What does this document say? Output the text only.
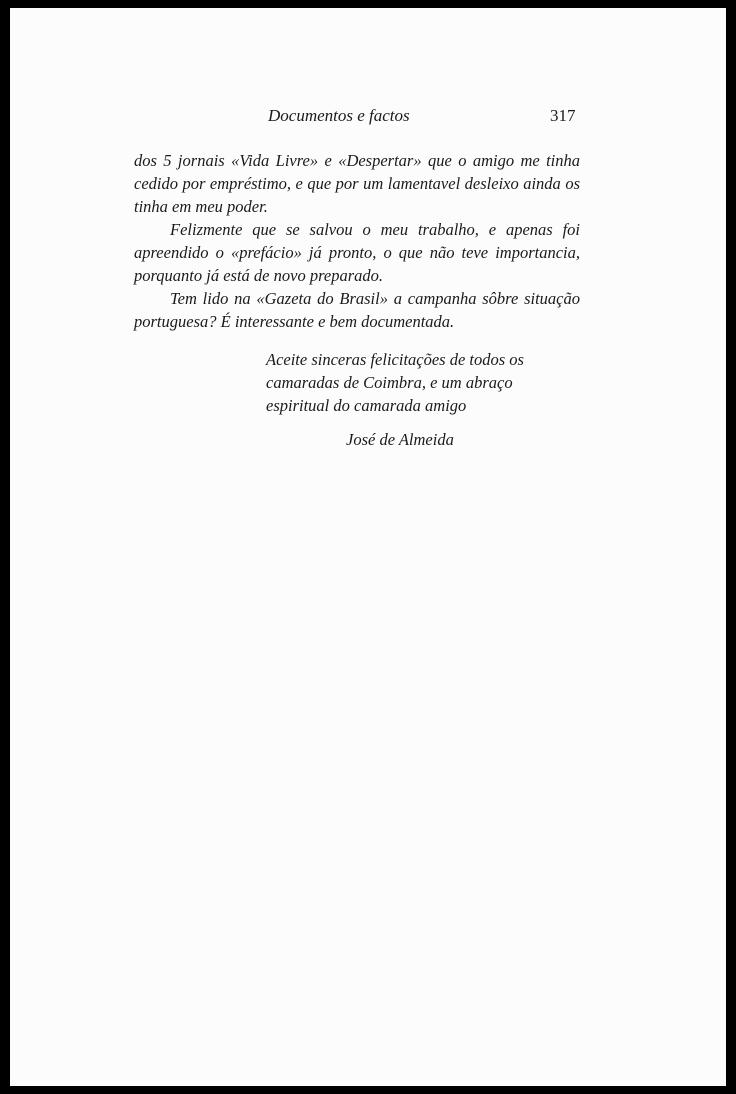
Documentos e factos	317

dos 5 jornais «Vida Livre» e «Despertar» que o amigo me tinha cedido por empréstimo, e que por um lamentavel desleixo ainda os tinha em meu poder.

Felizmente que se salvou o meu trabalho, e apenas foi apreendido o «prefácio» já pronto, o que não teve importancia, porquanto já está de novo preparado.

Tem lido na «Gazeta do Brasil» a campanha sôbre situação portuguesa? É interessante e bem documentada.

Aceite sinceras felicitações de todos os
camaradas de Coimbra, e um abraço
espiritual do camarada amigo
José de Almeida
